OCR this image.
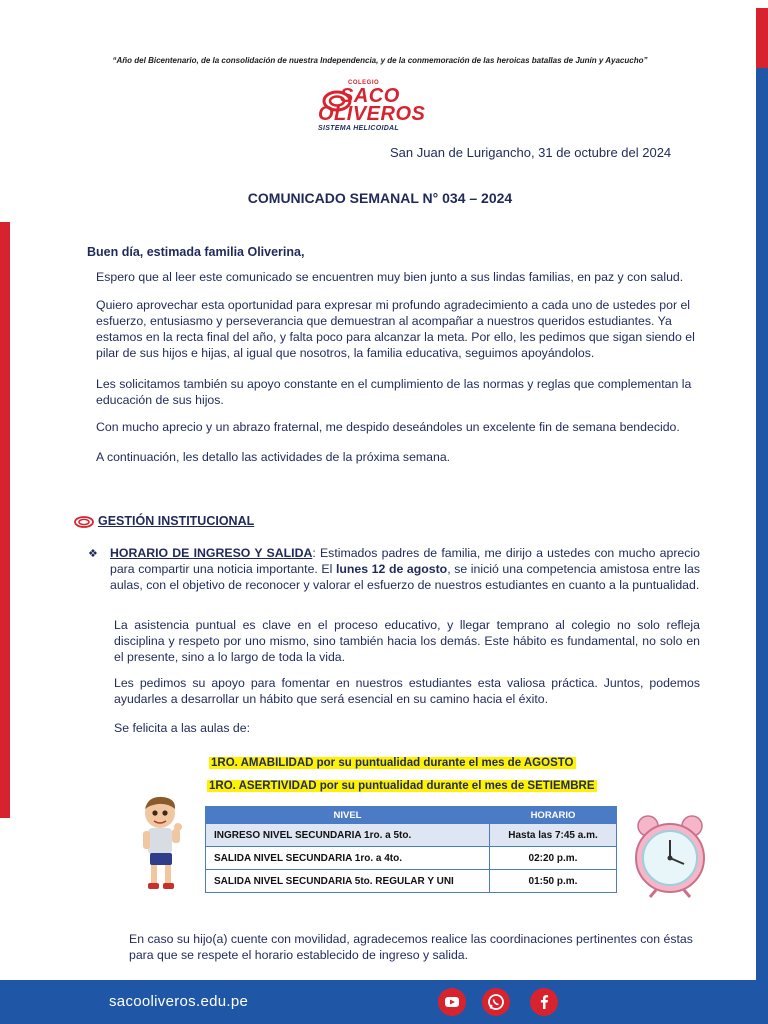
“Año del Bicentenario, de la consolidación de nuestra Independencia, y de la conmemoración de las heroicas batallas de Junín y Ayacucho”
COLEGIO
SACO
OLIVEROS
SISTEMA HELICOIDAL
San Juan de Lurigancho, 31 de octubre del 2024
COMUNICADO SEMANAL N° 034 – 2024
Buen día, estimada familia Oliverina,
Espero que al leer este comunicado se encuentren muy bien junto a sus lindas familias, en paz y con salud.
Quiero aprovechar esta oportunidad para expresar mi profundo agradecimiento a cada uno de ustedes por el esfuerzo, entusiasmo y perseverancia que demuestran al acompañar a nuestros queridos estudiantes. Ya estamos en la recta final del año, y falta poco para alcanzar la meta. Por ello, les pedimos que sigan siendo el pilar de sus hijos e hijas, al igual que nosotros, la familia educativa, seguimos apoyándolos.
Les solicitamos también su apoyo constante en el cumplimiento de las normas y reglas que complementan la educación de sus hijos.
Con mucho aprecio y un abrazo fraternal, me despido deseándoles un excelente fin de semana bendecido.
A continuación, les detallo las actividades de la próxima semana.
GESTIÓN INSTITUCIONAL
❖ HORARIO DE INGRESO Y SALIDA: Estimados padres de familia, me dirijo a ustedes con mucho aprecio para compartir una noticia importante. El lunes 12 de agosto, se inició una competencia amistosa entre las aulas, con el objetivo de reconocer y valorar el esfuerzo de nuestros estudiantes en cuanto a la puntualidad.
La asistencia puntual es clave en el proceso educativo, y llegar temprano al colegio no solo refleja disciplina y respeto por uno mismo, sino también hacia los demás. Este hábito es fundamental, no solo en el presente, sino a lo largo de toda la vida.
Les pedimos su apoyo para fomentar en nuestros estudiantes esta valiosa práctica. Juntos, podemos ayudarles a desarrollar un hábito que será esencial en su camino hacia el éxito.
Se felicita a las aulas de:
1RO. AMABILIDAD por su puntualidad durante el mes de AGOSTO
1RO. ASERTIVIDAD por su puntualidad durante el mes de SETIEMBRE
NIVEL	HORARIO
INGRESO NIVEL SECUNDARIA 1ro. a 5to.	Hasta las 7:45 a.m.
SALIDA NIVEL SECUNDARIA 1ro. a 4to.	02:20 p.m.
SALIDA NIVEL SECUNDARIA 5to. REGULAR Y UNI	01:50 p.m.
En caso su hijo(a) cuente con movilidad, agradecemos realice las coordinaciones pertinentes con éstas para que se respete el horario establecido de ingreso y salida.
sacooliveros.edu.pe
